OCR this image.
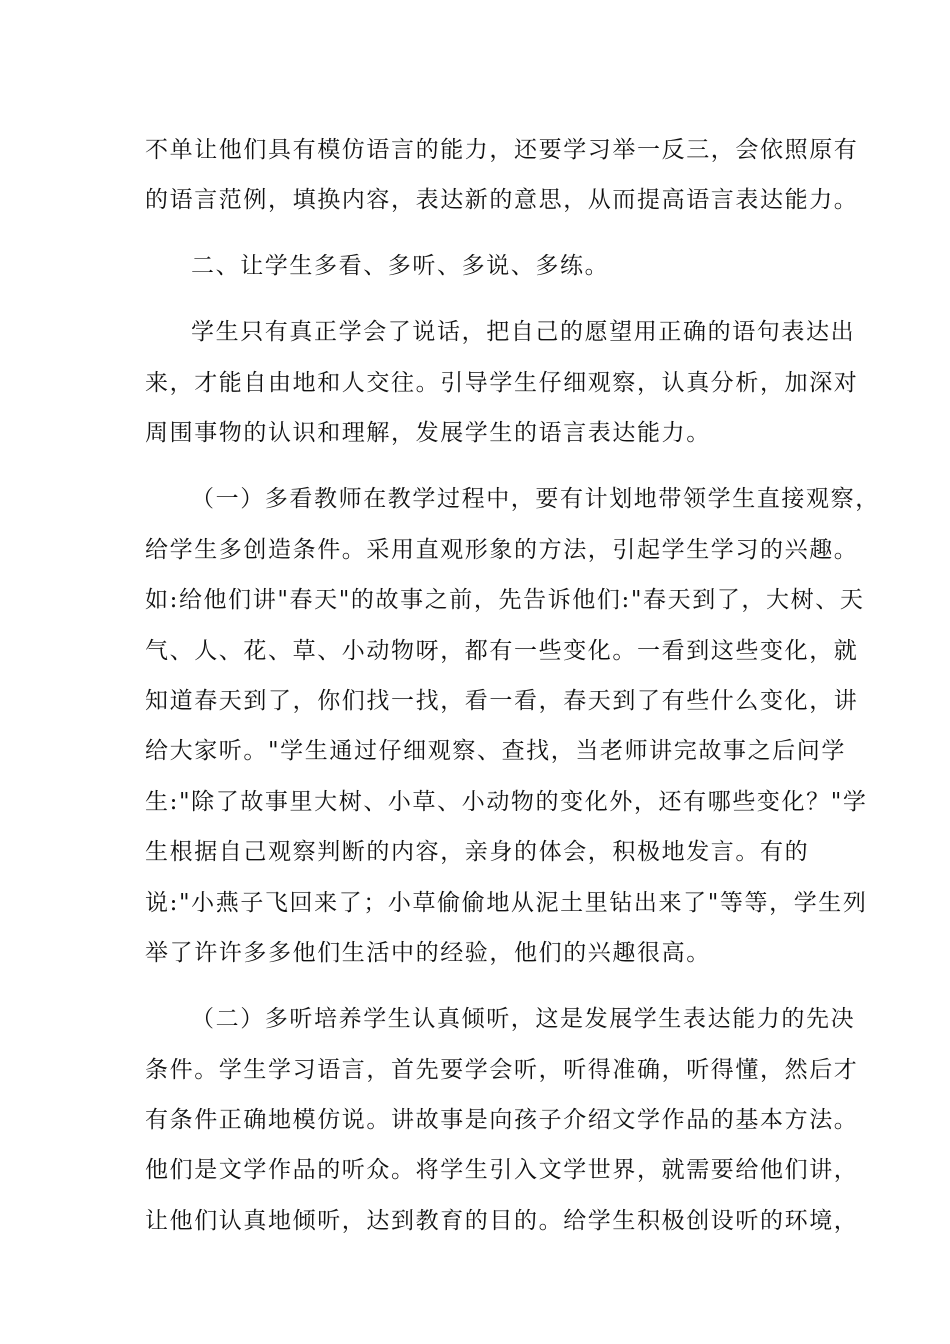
不单让他们具有模仿语言的能力，还要学习举一反三，会依照原有
的语言范例，填换内容，表达新的意思，从而提高语言表达能力。
二、让学生多看、多听、多说、多练。
学生只有真正学会了说话，把自己的愿望用正确的语句表达出
来，才能自由地和人交往。引导学生仔细观察，认真分析，加深对
周围事物的认识和理解，发展学生的语言表达能力。
（一）多看教师在教学过程中，要有计划地带领学生直接观察，
给学生多创造条件。采用直观形象的方法，引起学生学习的兴趣。
如:给他们讲"春天"的故事之前，先告诉他们:"春天到了，大树、天
气、人、花、草、小动物呀，都有一些变化。一看到这些变化，就
知道春天到了，你们找一找，看一看，春天到了有些什么变化，讲
给大家听。"学生通过仔细观察、查找，当老师讲完故事之后问学
生:"除了故事里大树、小草、小动物的变化外，还有哪些变化？"学
生根据自己观察判断的内容，亲身的体会，积极地发言。有的
说:"小燕子飞回来了；小草偷偷地从泥土里钻出来了"等等，学生列
举了许许多多他们生活中的经验，他们的兴趣很高。
（二）多听培养学生认真倾听，这是发展学生表达能力的先决
条件。学生学习语言，首先要学会听，听得准确，听得懂，然后才
有条件正确地模仿说。讲故事是向孩子介绍文学作品的基本方法。
他们是文学作品的听众。将学生引入文学世界，就需要给他们讲，
让他们认真地倾听，达到教育的目的。给学生积极创设听的环境，
